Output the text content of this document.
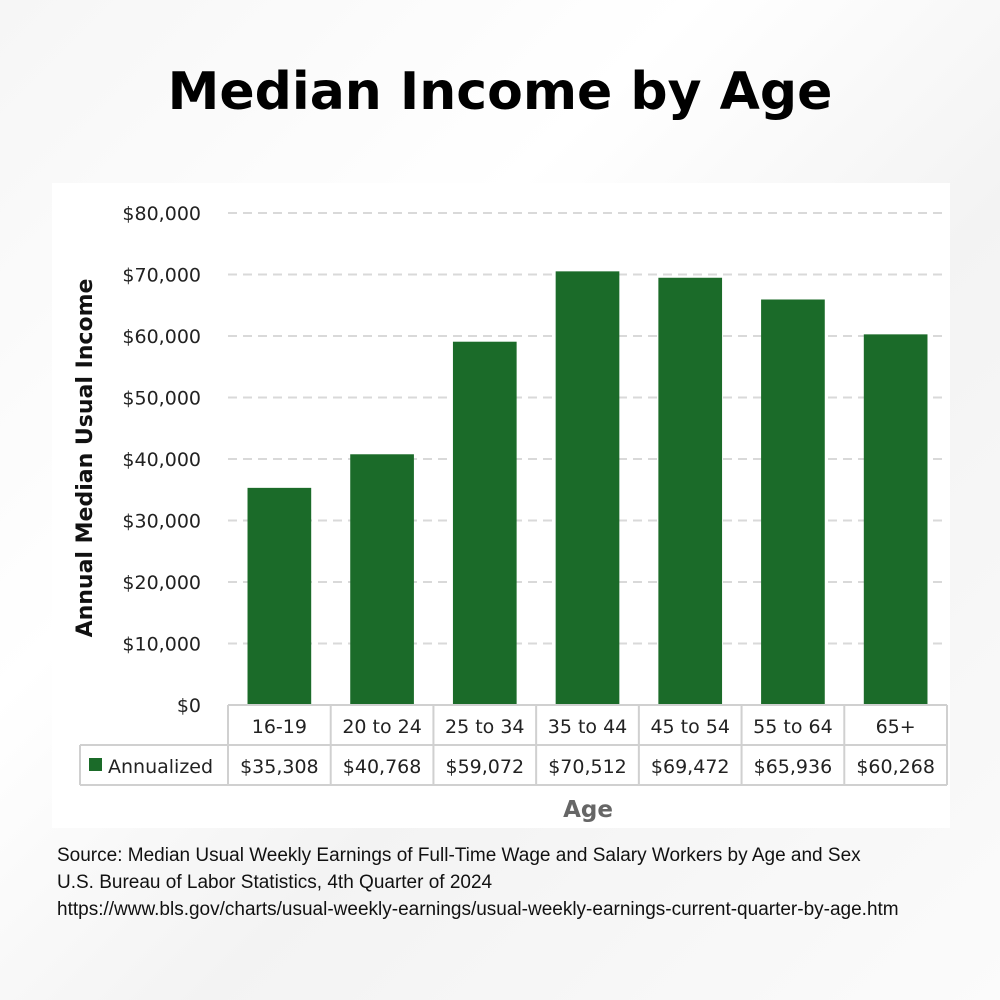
Median Income by Age
$0
$10,000
$20,000
$30,000
$40,000
$50,000
$60,000
$70,000
$80,000
16-19
$35,308
20 to 24
$40,768
25 to 34
$59,072
35 to 44
$70,512
45 to 54
$69,472
55 to 64
$65,936
65+
$60,268
Annualized
Age
Annual Median Usual Income
Source: Median Usual Weekly Earnings of Full-Time Wage and Salary Workers by Age and Sex
U.S. Bureau of Labor Statistics, 4th Quarter of 2024
https://www.bls.gov/charts/usual-weekly-earnings/usual-weekly-earnings-current-quarter-by-age.htm
